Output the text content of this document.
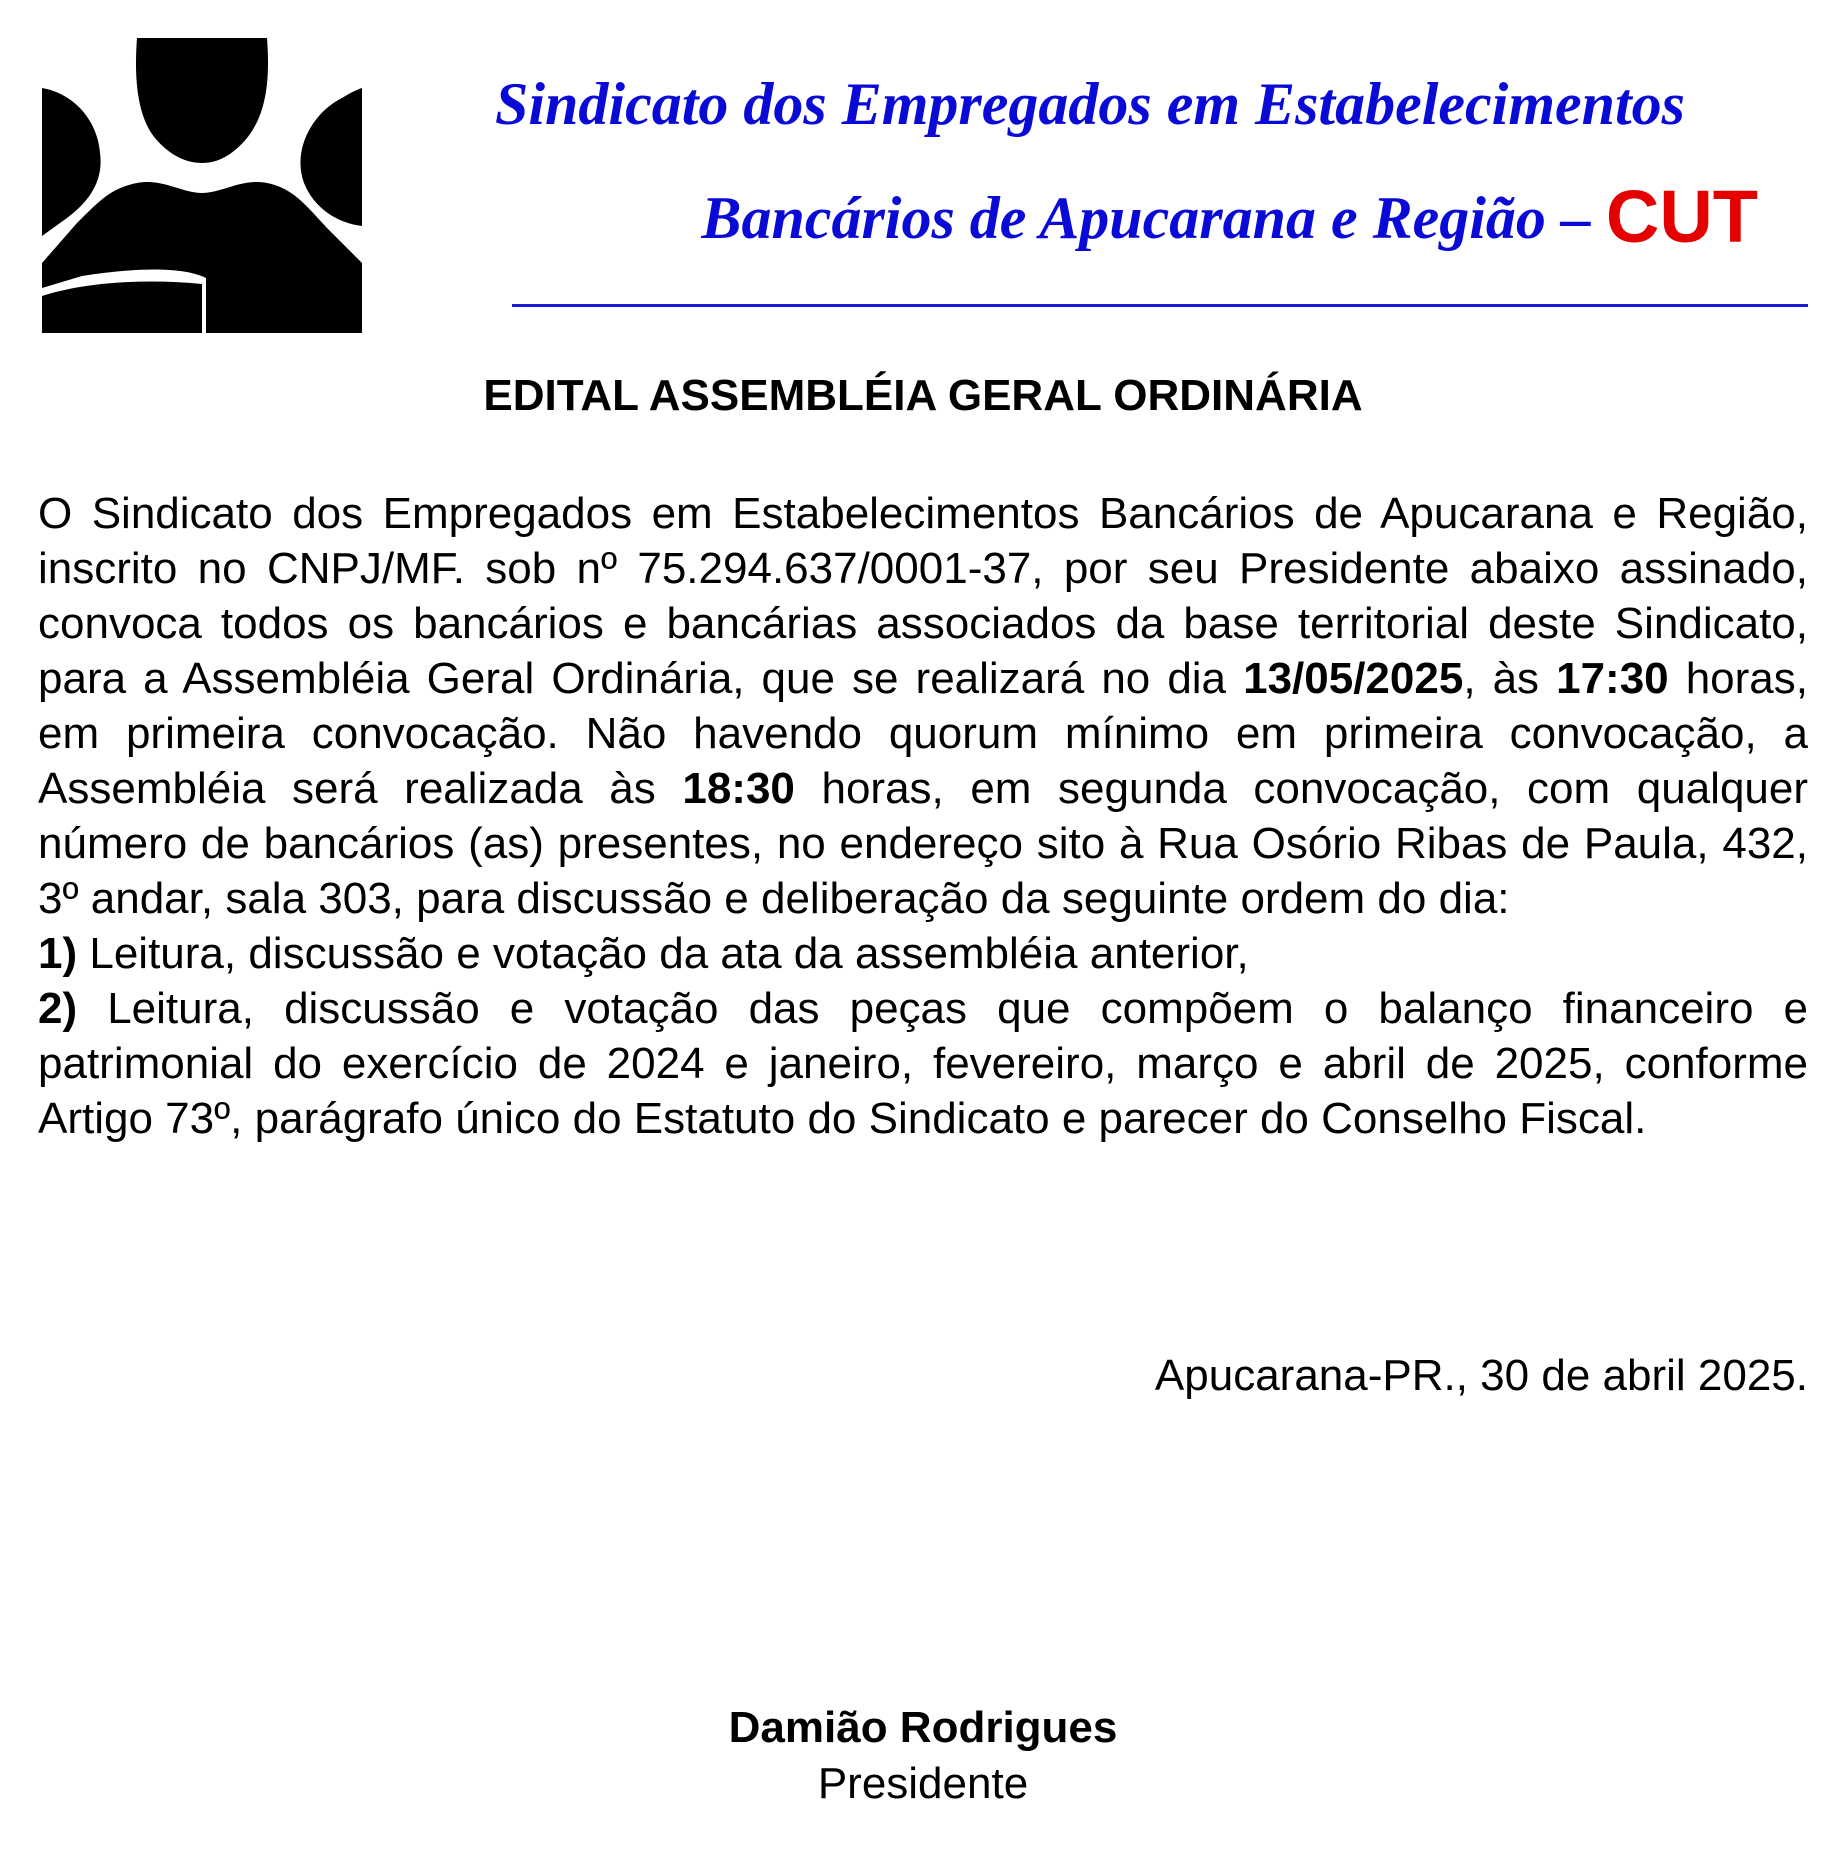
Sindicato dos Empregados em Estabelecimentos
Bancários de Apucarana e Região – CUT
EDITAL ASSEMBLÉIA GERAL ORDINÁRIA
O Sindicato dos Empregados em Estabelecimentos Bancários de Apucarana e Região, inscrito no CNPJ/MF. sob nº 75.294.637/0001-37, por seu Presidente abaixo assinado, convoca todos os bancários e bancárias associados da base territorial deste Sindicato, para a Assembléia Geral Ordinária, que se realizará no dia 13/05/2025, às 17:30 horas, em primeira convocação. Não havendo quorum mínimo em primeira convocação, a Assembléia será realizada às 18:30 horas, em segunda convocação, com qualquer número de bancários (as) presentes, no endereço sito à Rua Osório Ribas de Paula, 432, 3º andar, sala 303, para discussão e deliberação da seguinte ordem do dia:
1) Leitura, discussão e votação da ata da assembléia anterior,
2) Leitura, discussão e votação das peças que compõem o balanço financeiro e patrimonial do exercício de 2024 e janeiro, fevereiro, março e abril de 2025, conforme Artigo 73º, parágrafo único do Estatuto do Sindicato e parecer do Conselho Fiscal.
Apucarana-PR., 30 de abril 2025.
Damião Rodrigues
Presidente
